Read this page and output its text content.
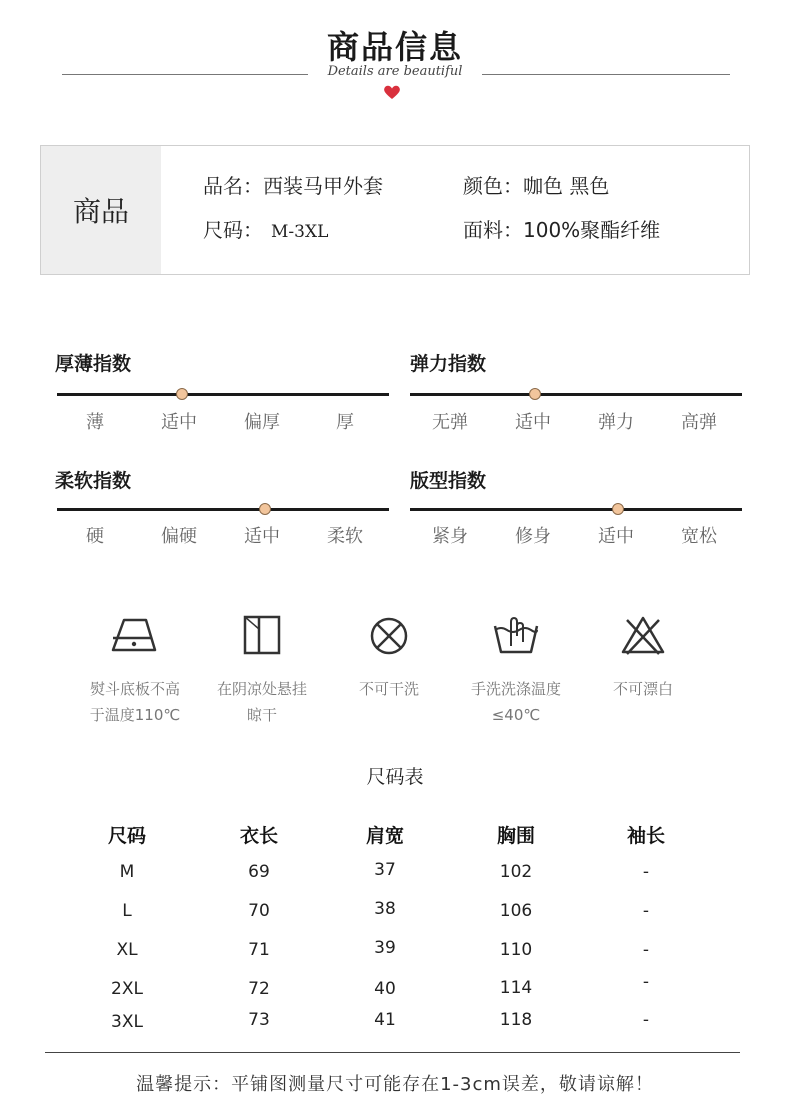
商品信息
Details are beautiful
商品
品名：西装马甲外套	颜色：咖色 黑色
尺码： M-3XL	面料：100%聚酯纤维
厚薄指数
薄	适中	偏厚	厚
弹力指数
无弹	适中	弹力	高弹
柔软指数
硬	偏硬	适中	柔软
版型指数
紧身	修身	适中	宽松
熨斗底板不高
于温度110℃
在阴凉处悬挂
晾干
不可干洗	手洗洗涤温度
≤40℃
不可漂白
尺码表
尺码	衣长	肩宽	胸围	袖长
M	69	37	102	-
L	70	38	106	-
XL	71	39	110	-
2XL	72	40	114	-
3XL	73	41	118	-
温馨提示：平铺图测量尺寸可能存在1-3cm误差，敬请谅解！
